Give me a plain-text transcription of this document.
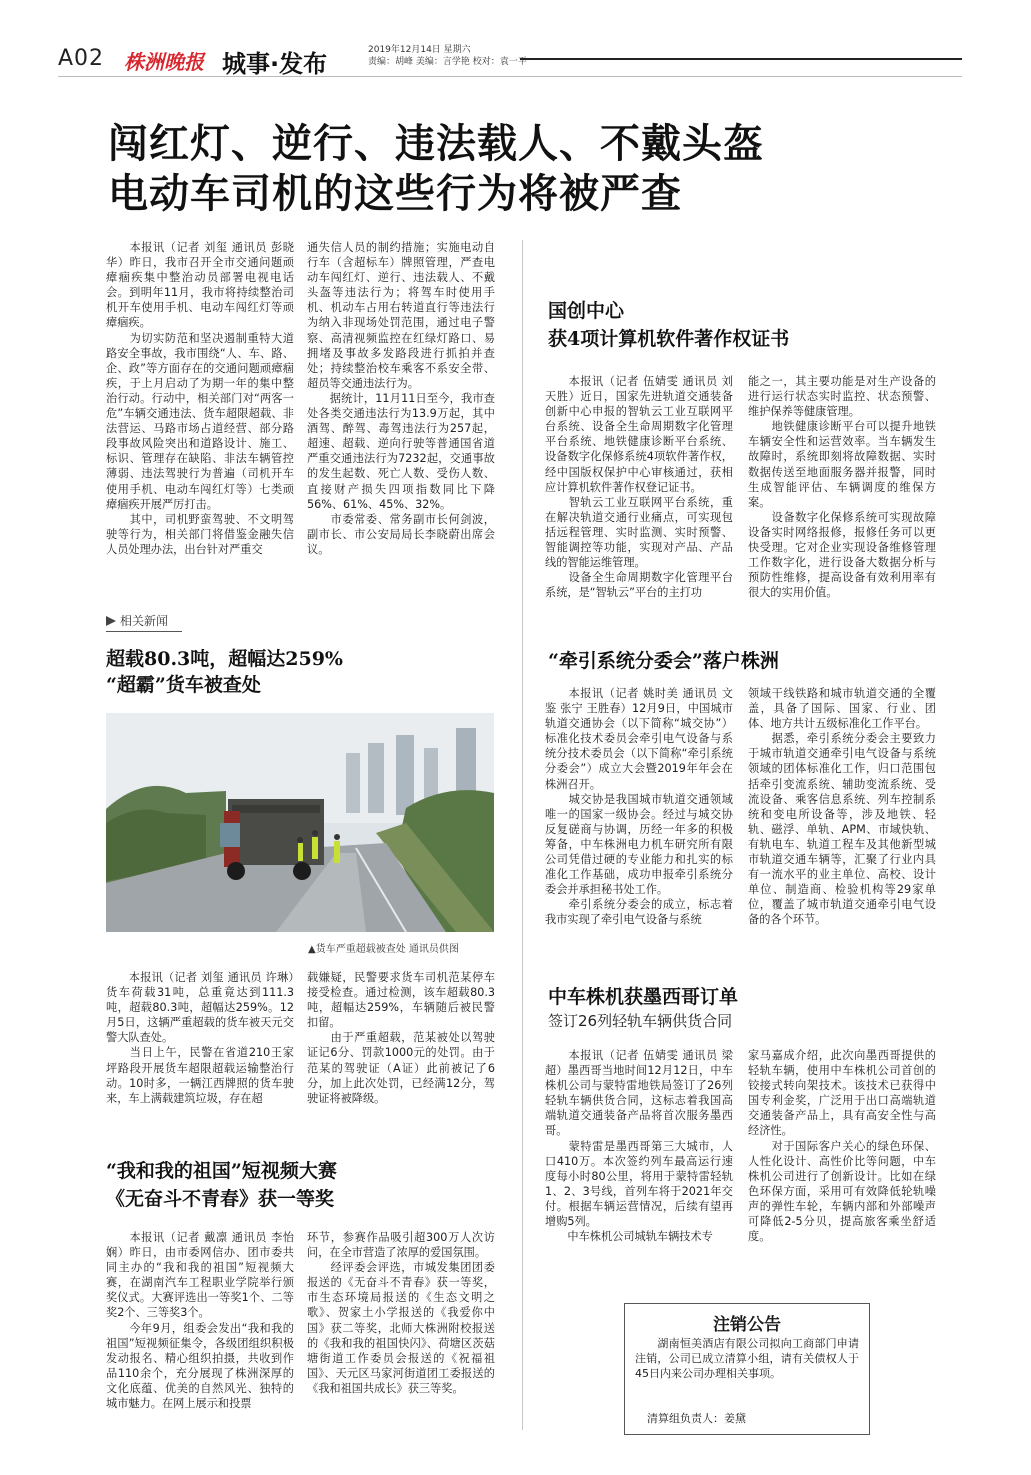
A02 株洲晚报 城事·发布	2019年12月14日 星期六
责编：胡峰 美编：言学艳 校对：袁一平
闯红灯、逆行、违法载人、不戴头盔
电动车司机的这些行为将被严查
　　本报讯（记者 刘玺 通讯员 彭晓华）昨日，我市召开全市交通问题顽瘴痼疾集中整治动员部署电视电话会。到明年11月，我市将持续整治司机开车使用手机、电动车闯红灯等顽瘴痼疾。
　　为切实防范和坚决遏制重特大道路安全事故，我市围绕“人、车、路、企、政”等方面存在的交通问题顽瘴痼疾，于上月启动了为期一年的集中整治行动。行动中，相关部门对“两客一危”车辆交通违法、货车超限超载、非法营运、马路市场占道经营、部分路段事故风险突出和道路设计、施工、标识、管理存在缺陷、非法车辆管控薄弱、违法驾驶行为普遍（司机开车使用手机、电动车闯红灯等）七类顽瘴痼疾开展严厉打击。
　　其中，司机野蛮驾驶、不文明驾驶等行为，相关部门将借鉴金融失信人员处理办法，出台针对严重交
通失信人员的制约措施；实施电动自行车（含超标车）牌照管理，严查电动车闯红灯、逆行、违法载人、不戴头盔等违法行为；将驾车时使用手机、机动车占用右转道直行等违法行为纳入非现场处罚范围，通过电子警察、高清视频监控在红绿灯路口、易拥堵及事故多发路段进行抓拍并查处；持续整治校车乘客不系安全带、超员等交通违法行为。
　　据统计，11月11日至今，我市查处各类交通违法行为13.9万起，其中酒驾、醉驾、毒驾违法行为257起，超速、超载、逆向行驶等普通国省道严重交通违法行为7232起，交通事故的发生起数、死亡人数、受伤人数、直接财产损失四项指数同比下降56%、61%、45%、32%。
　　市委常委、常务副市长何剑波，副市长、市公安局局长李晓蔚出席会议。
相关新闻
超载80.3吨，超幅达259%
“超霸”货车被查处
▲货车严重超载被查处 通讯员供图
　　本报讯（记者 刘玺 通讯员 许琳）货车荷载31吨，总重竟达到111.3吨，超载80.3吨，超幅达259%。12月5日，这辆严重超载的货车被天元交警大队查处。
　　当日上午，民警在省道210王家坪路段开展货车超限超载运输整治行动。10时多，一辆江西牌照的货车驶来，车上满载建筑垃圾，存在超
载嫌疑，民警要求货车司机范某停车接受检查。通过检测，该车超载80.3吨，超幅达259%，车辆随后被民警扣留。
　　由于严重超载，范某被处以驾驶证记6分、罚款1000元的处罚。由于范某的驾驶证（A证）此前被记了6分，加上此次处罚，已经满12分，驾驶证将被降级。
“我和我的祖国”短视频大赛
《无奋斗不青春》获一等奖
　　本报讯（记者 戴凛 通讯员 李怡娴）昨日，由市委网信办、团市委共同主办的“我和我的祖国”短视频大赛，在湖南汽车工程职业学院举行颁奖仪式。大赛评选出一等奖1个、二等奖2个、三等奖3个。
　　今年9月，组委会发出“我和我的祖国”短视频征集令，各级团组织积极发动报名、精心组织拍摄，共收到作品110余个，充分展现了株洲深厚的文化底蕴、优美的自然风光、独特的城市魅力。在网上展示和投票
环节，参赛作品吸引超300万人次访问，在全市营造了浓厚的爱国氛围。
　　经评委会评选，市城发集团团委报送的《无奋斗不青春》获一等奖，市生态环境局报送的《生态文明之歌》、贺家土小学报送的《我爱你中国》获二等奖，北师大株洲附校报送的《我和我的祖国快闪》、荷塘区茨菇塘街道工作委员会报送的《祝福祖国》、天元区马家河街道团工委报送的《我和祖国共成长》获三等奖。
国创中心
获4项计算机软件著作权证书
　　本报讯（记者 伍婧雯 通讯员 刘天胜）近日，国家先进轨道交通装备创新中心申报的智轨云工业互联网平台系统、设备全生命周期数字化管理平台系统、地铁健康诊断平台系统、设备数字化保修系统4项软件著作权，经中国版权保护中心审核通过，获相应计算机软件著作权登记证书。
　　智轨云工业互联网平台系统，重在解决轨道交通行业痛点，可实现包括远程管理、实时监测、实时预警、智能调控等功能，实现对产品、产品线的智能运维管理。
　　设备全生命周期数字化管理平台系统，是“智轨云”平台的主打功
能之一，其主要功能是对生产设备的进行运行状态实时监控、状态预警、维护保养等健康管理。
　　地铁健康诊断平台可以提升地铁车辆安全性和运营效率。当车辆发生故障时，系统即刻将故障数据、实时数据传送至地面服务器并报警，同时生成智能评估、车辆调度的维保方案。
　　设备数字化保修系统可实现故障设备实时网络报修，报修任务可以更快受理。它对企业实现设备维修管理工作数字化，进行设备大数据分析与预防性维修，提高设备有效利用率有很大的实用价值。
“牵引系统分委会”落户株洲
　　本报讯（记者 姚时美 通讯员 文鉴 张宁 王胜春）12月9日，中国城市轨道交通协会（以下简称“城交协”）标准化技术委员会牵引电气设备与系统分技术委员会（以下简称“牵引系统分委会”）成立大会暨2019年年会在株洲召开。
　　城交协是我国城市轨道交通领域唯一的国家一级协会。经过与城交协反复磋商与协调，历经一年多的积极筹备，中车株洲电力机车研究所有限公司凭借过硬的专业能力和扎实的标准化工作基础，成功申报牵引系统分委会并承担秘书处工作。
　　牵引系统分委会的成立，标志着我市实现了牵引电气设备与系统
领域干线铁路和城市轨道交通的全覆盖，具备了国际、国家、行业、团体、地方共计五级标准化工作平台。
　　据悉，牵引系统分委会主要致力于城市轨道交通牵引电气设备与系统领域的团体标准化工作，归口范围包括牵引变流系统、辅助变流系统、受流设备、乘客信息系统、列车控制系统和变电所设备等，涉及地铁、轻轨、磁浮、单轨、APM、市域快轨、有轨电车、轨道工程车及其他新型城市轨道交通车辆等，汇聚了行业内具有一流水平的业主单位、高校、设计单位、制造商、检验机构等29家单位，覆盖了城市轨道交通牵引电气设备的各个环节。
中车株机获墨西哥订单
签订26列轻轨车辆供货合同
　　本报讯（记者 伍婧雯 通讯员 梁超）墨西哥当地时间12月12日，中车株机公司与蒙特雷地铁局签订了26列轻轨车辆供货合同，这标志着我国高端轨道交通装备产品将首次服务墨西哥。
　　蒙特雷是墨西哥第三大城市，人口410万。本次签约列车最高运行速度每小时80公里，将用于蒙特雷轻轨1、2、3号线，首列车将于2021年交付。根据车辆运营情况，后续有望再增购5列。
　　中车株机公司城轨车辆技术专
家马嘉成介绍，此次向墨西哥提供的轻轨车辆，使用中车株机公司首创的铰接式转向架技术。该技术已获得中国专利金奖，广泛用于出口高端轨道交通装备产品上，具有高安全性与高经济性。
　　对于国际客户关心的绿色环保、人性化设计、高性价比等问题，中车株机公司进行了创新设计。比如在绿色环保方面，采用可有效降低轮轨噪声的弹性车轮，车辆内部和外部噪声可降低2-5分贝，提高旅客乘坐舒适度。
注销公告
　　湖南恒美酒店有限公司拟向工商部门申请注销，公司已成立清算小组，请有关债权人于45日内来公司办理相关事项。
清算组负责人：姜黛
